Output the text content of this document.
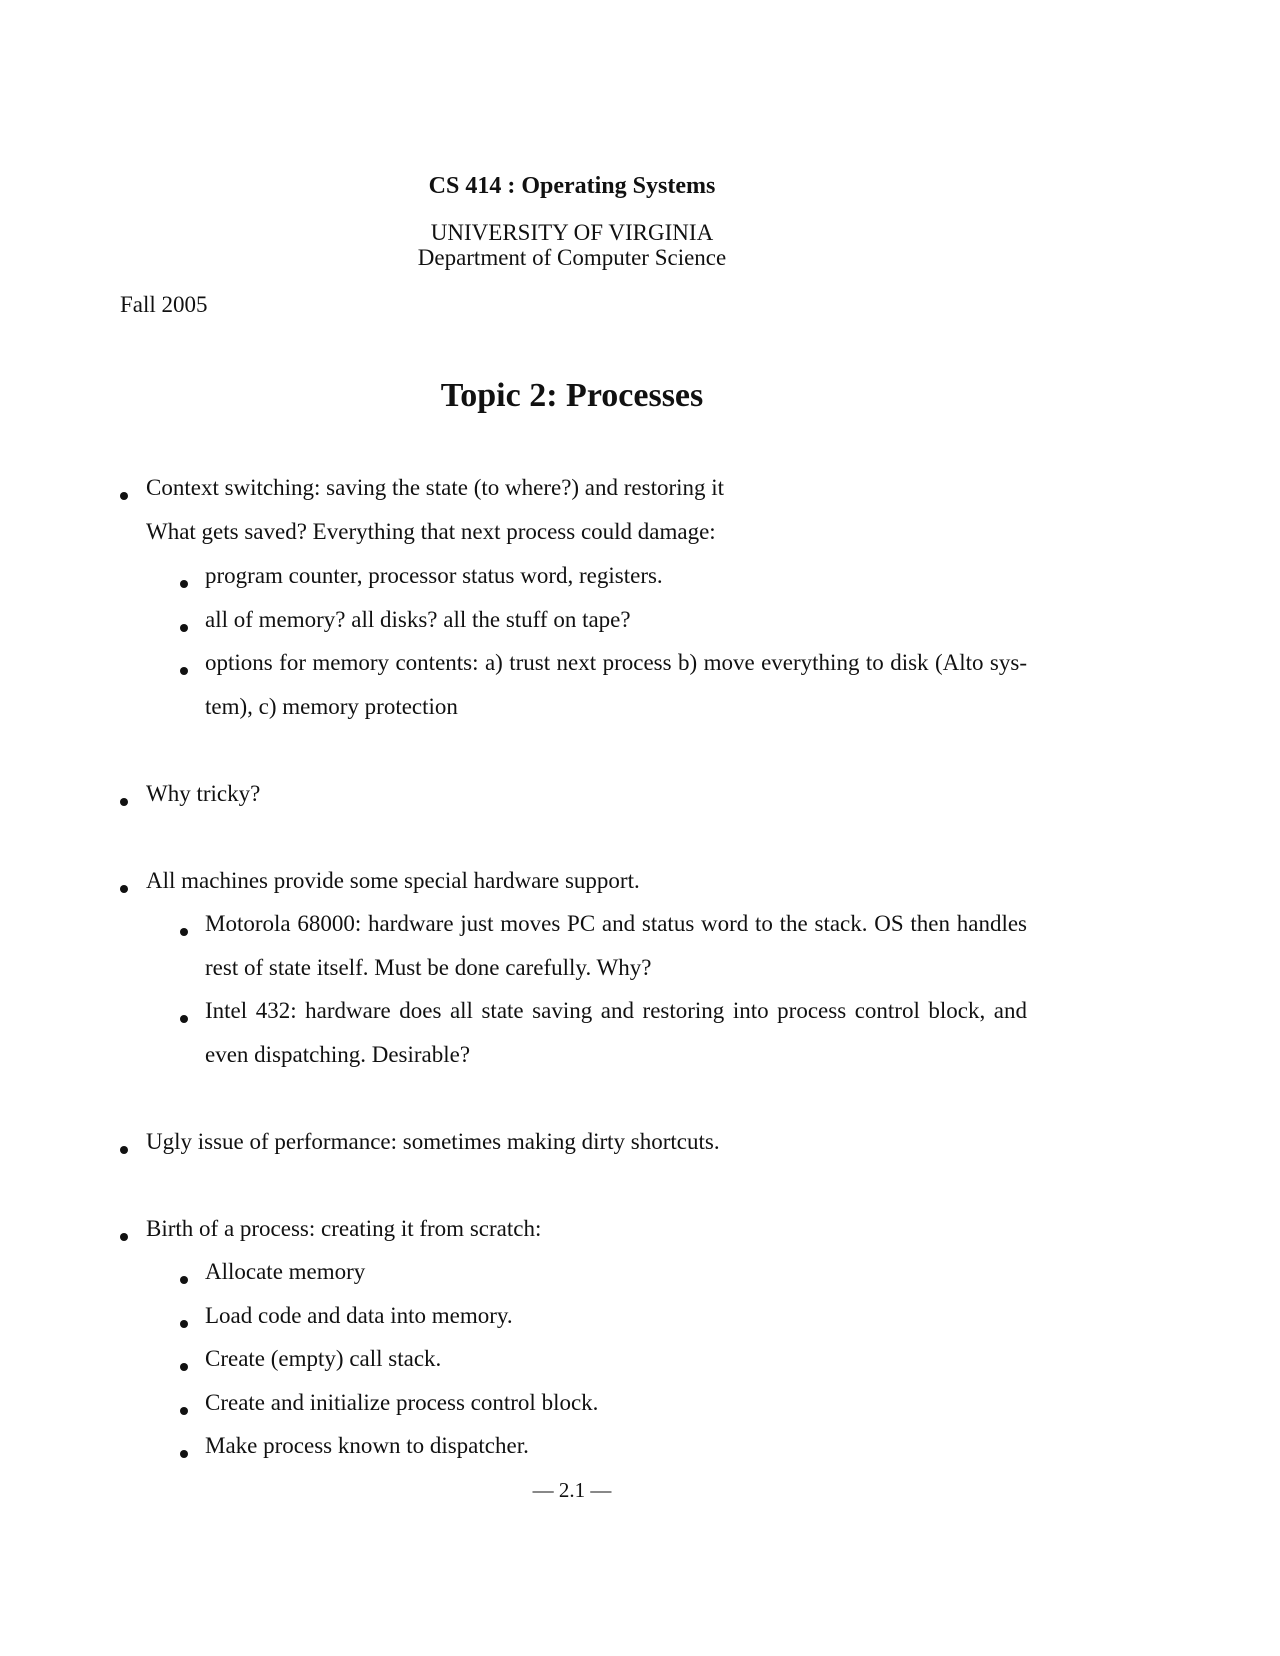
CS 414 : Operating Systems
UNIVERSITY OF VIRGINIA
Department of Computer Science
Fall 2005
Topic 2: Processes
Context switching: saving the state (to where?) and restoring it
What gets saved? Everything that next process could damage:
program counter, processor status word, registers.
all of memory? all disks? all the stuff on tape?
options for memory contents: a) trust next process b) move everything to disk (Alto sys-
tem), c) memory protection
Why tricky?
All machines provide some special hardware support.
Motorola 68000: hardware just moves PC and status word to the stack. OS then handles
rest of state itself. Must be done carefully. Why?
Intel 432: hardware does all state saving and restoring into process control block, and
even dispatching. Desirable?
Ugly issue of performance: sometimes making dirty shortcuts.
Birth of a process: creating it from scratch:
Allocate memory
Load code and data into memory.
Create (empty) call stack.
Create and initialize process control block.
Make process known to dispatcher.
— 2.1 —
